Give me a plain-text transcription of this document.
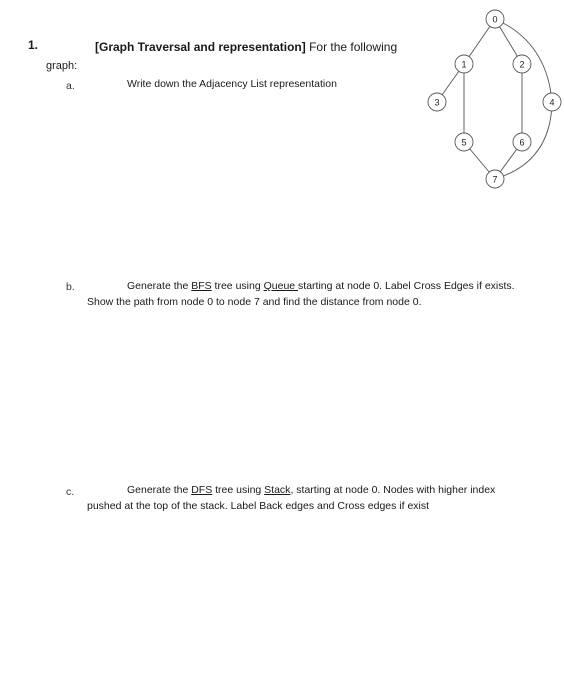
1.	[Graph Traversal and representation] For the following
graph:
a.	Write down the Adjacency List representation
0
1	2
3	4
5	6
7
b.	Generate the BFS tree using Queue starting at node 0. Label Cross Edges if exists.
Show the path from node 0 to node 7 and find the distance from node 0.
c.	Generate the DFS tree using Stack, starting at node 0. Nodes with higher index
pushed at the top of the stack. Label Back edges and Cross edges if exist
